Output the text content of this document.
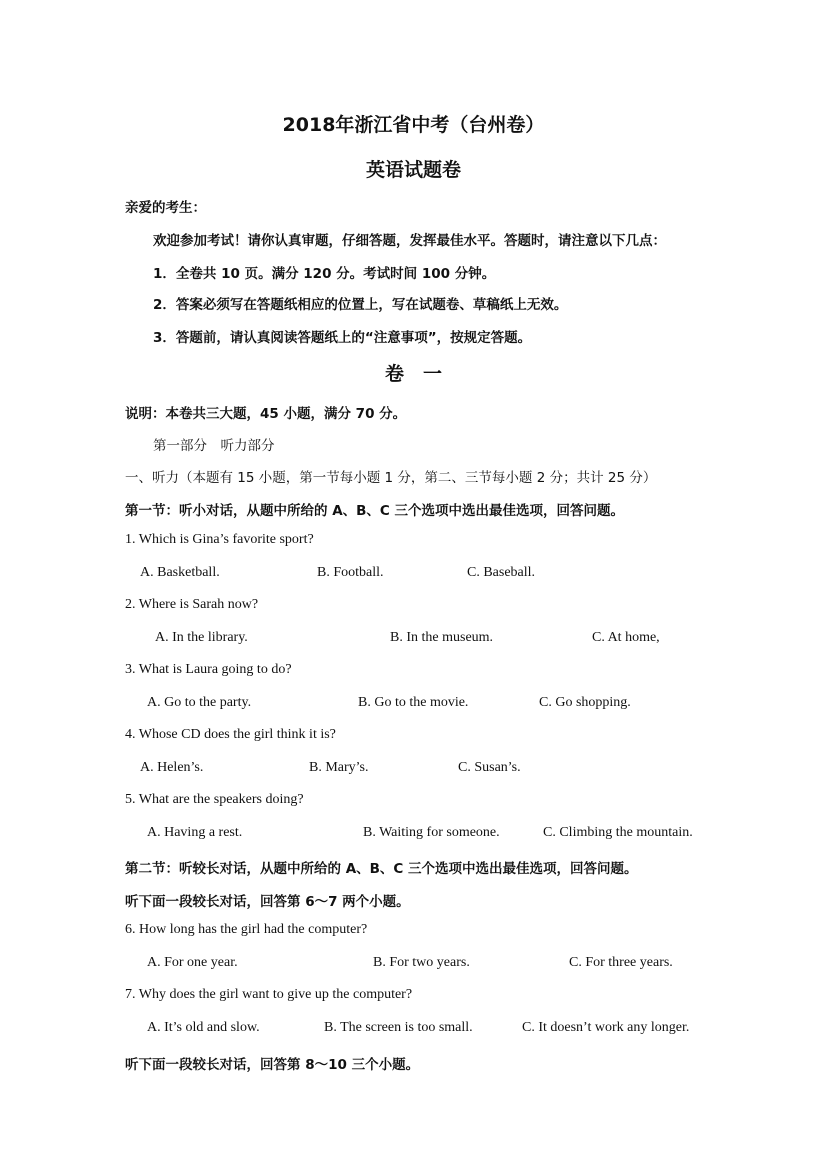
2018年浙江省中考（台州卷）
英语试题卷
亲爱的考生：
欢迎参加考试！请你认真审题，仔细答题，发挥最佳水平。答题时，请注意以下几点：
1．全卷共 10 页。满分 120 分。考试时间 100 分钟。
2．答案必须写在答题纸相应的位置上，写在试题卷、草稿纸上无效。
3．答题前，请认真阅读答题纸上的“注意事项”，按规定答题。
卷　一
说明：本卷共三大题，45 小题，满分 70 分。
第一部分　听力部分
一、听力（本题有 15 小题，第一节每小题 1 分，第二、三节每小题 2 分；共计 25 分）
第一节：听小对话，从题中所给的 A、B、C 三个选项中选出最佳选项，回答问题。
1. Which is Gina’s favorite sport?
A. Basketball.	B. Football.	C. Baseball.
2. Where is Sarah now?
A. In the library.	B. In the museum.	C. At home,
3. What is Laura going to do?
A. Go to the party.	B. Go to the movie.	C. Go shopping.
4. Whose CD does the girl think it is?
A. Helen’s.	B. Mary’s.	C. Susan’s.
5. What are the speakers doing?
A. Having a rest.	B. Waiting for someone.	C. Climbing the mountain.
第二节：听较长对话，从题中所给的 A、B、C 三个选项中选出最佳选项，回答问题。
听下面一段较长对话，回答第 6～7 两个小题。
6. How long has the girl had the computer?
A. For one year.	B. For two years.	C. For three years.
7. Why does the girl want to give up the computer?
A. It’s old and slow.	B. The screen is too small.	C. It doesn’t work any longer.
听下面一段较长对话，回答第 8～10 三个小题。
